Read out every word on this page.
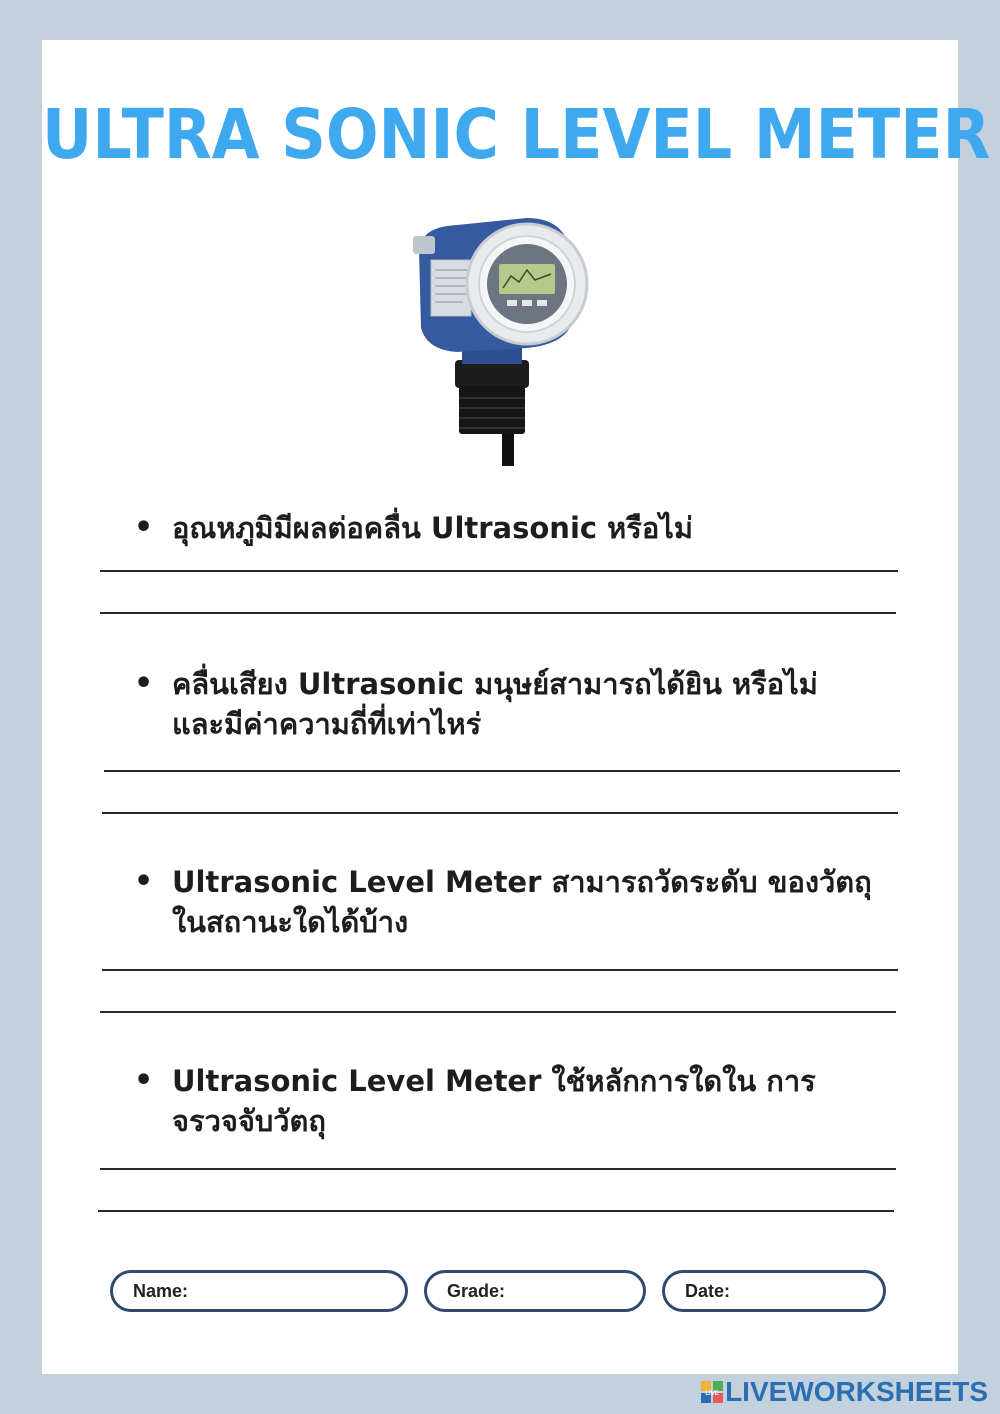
ULTRA SONIC LEVEL METER
• อุณหภูมิมีผลต่อคลื่น Ultrasonic หรือไม่
• คลื่นเสียง Ultrasonic มนุษย์สามารถได้ยิน หรือไม่ และมีค่าความถี่ที่เท่าไหร่
• Ultrasonic Level Meter สามารถวัดระดับ ของวัตถุในสถานะใดได้บ้าง
• Ultrasonic Level Meter ใช้หลักการใดใน การจรวจจับวัตถุ
Name:	Grade:	Date:
LIVE LIVEWORKSHEETS
